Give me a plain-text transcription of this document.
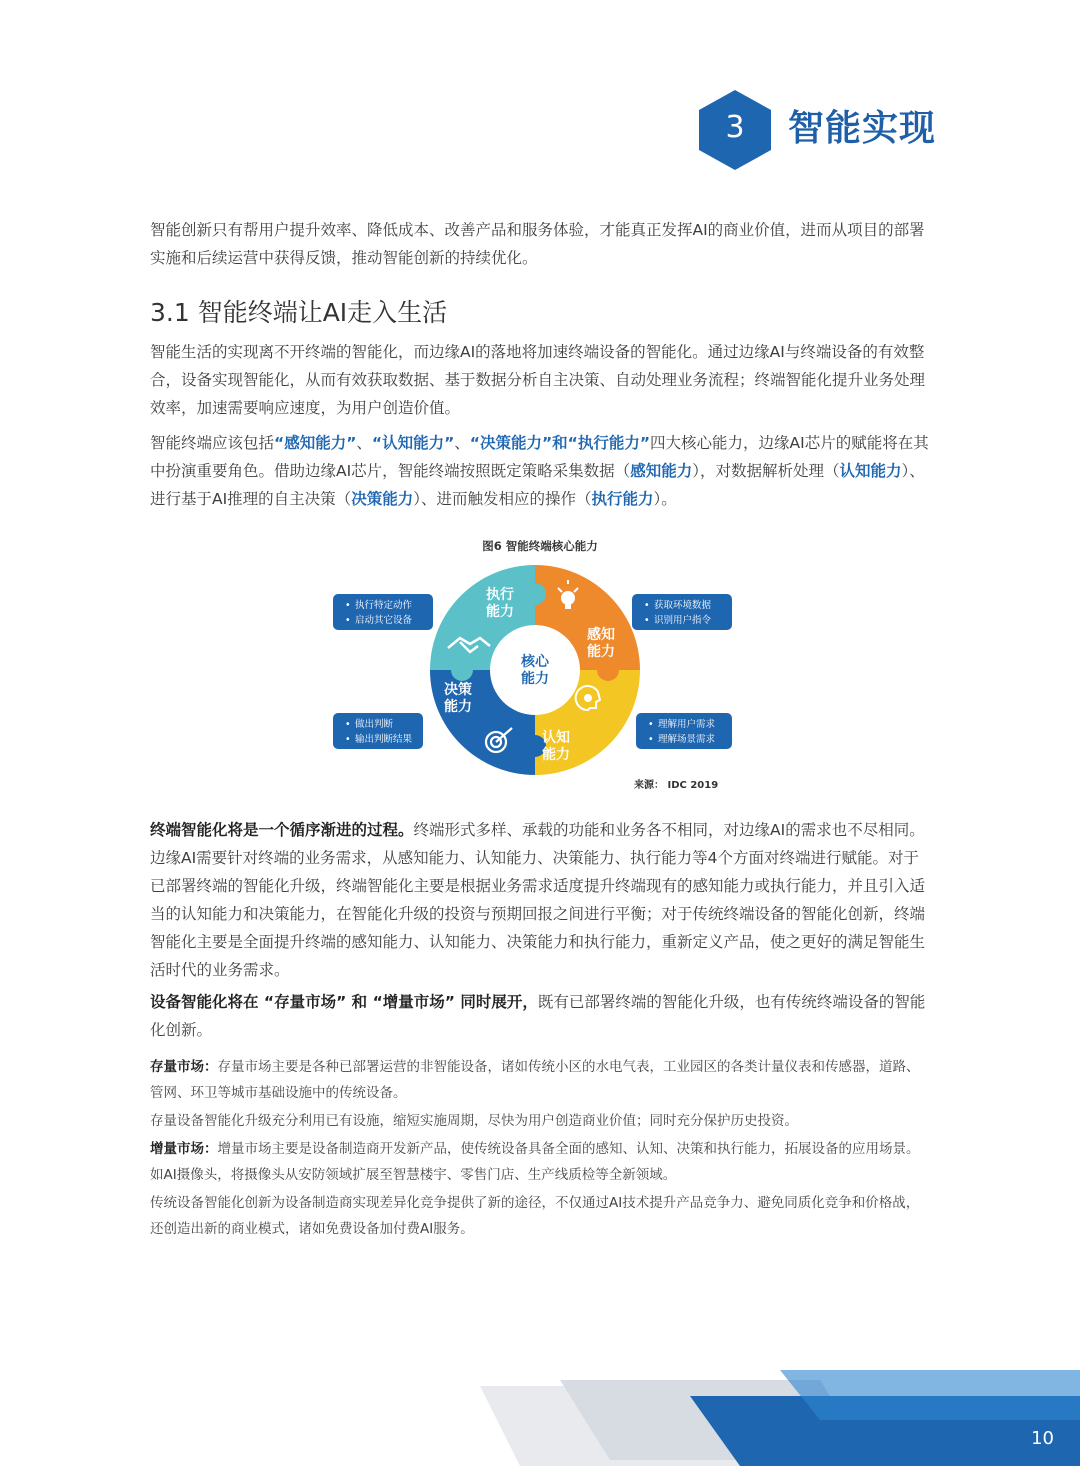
3	智能实现

智能创新只有帮用户提升效率、降低成本、改善产品和服务体验，才能真正发挥AI的商业价值，进而从项目的部署实施和后续运营中获得反馈，推动智能创新的持续优化。

3.1 智能终端让AI走入生活

智能生活的实现离不开终端的智能化，而边缘AI的落地将加速终端设备的智能化。通过边缘AI与终端设备的有效整合，设备实现智能化，从而有效获取数据、基于数据分析自主决策、自动处理业务流程；终端智能化提升业务处理效率，加速需要响应速度，为用户创造价值。

智能终端应该包括“感知能力”、“认知能力”、“决策能力”和“执行能力”四大核心能力，边缘AI芯片的赋能将在其中扮演重要角色。借助边缘AI芯片，智能终端按照既定策略采集数据（感知能力），对数据解析处理（认知能力）、进行基于AI推理的自主决策（决策能力）、进而触发相应的操作（执行能力）。

图6 智能终端核心能力
核心
能力
执行
能力
感知
能力
认知
能力
决策
能力
• 执行特定动作
• 启动其它设备
• 获取环境数据
• 识别用户指令
• 做出判断
• 输出判断结果
• 理解用户需求
• 理解场景需求
来源： IDC 2019

终端智能化将是一个循序渐进的过程。终端形式多样、承载的功能和业务各不相同，对边缘AI的需求也不尽相同。边缘AI需要针对终端的业务需求，从感知能力、认知能力、决策能力、执行能力等4个方面对终端进行赋能。对于已部署终端的智能化升级，终端智能化主要是根据业务需求适度提升终端现有的感知能力或执行能力，并且引入适当的认知能力和决策能力，在智能化升级的投资与预期回报之间进行平衡；对于传统终端设备的智能化创新，终端智能化主要是全面提升终端的感知能力、认知能力、决策能力和执行能力，重新定义产品，使之更好的满足智能生活时代的业务需求。

设备智能化将在 “存量市场” 和 “增量市场” 同时展开，既有已部署终端的智能化升级，也有传统终端设备的智能化创新。

存量市场：存量市场主要是各种已部署运营的非智能设备，诸如传统小区的水电气表，工业园区的各类计量仪表和传感器，道路、管网、环卫等城市基础设施中的传统设备。

存量设备智能化升级充分利用已有设施，缩短实施周期，尽快为用户创造商业价值；同时充分保护历史投资。

增量市场：增量市场主要是设备制造商开发新产品，使传统设备具备全面的感知、认知、决策和执行能力，拓展设备的应用场景。如AI摄像头，将摄像头从安防领域扩展至智慧楼宇、零售门店、生产线质检等全新领域。

传统设备智能化创新为设备制造商实现差异化竞争提供了新的途径，不仅通过AI技术提升产品竞争力、避免同质化竞争和价格战，还创造出新的商业模式，诸如免费设备加付费AI服务。

10
